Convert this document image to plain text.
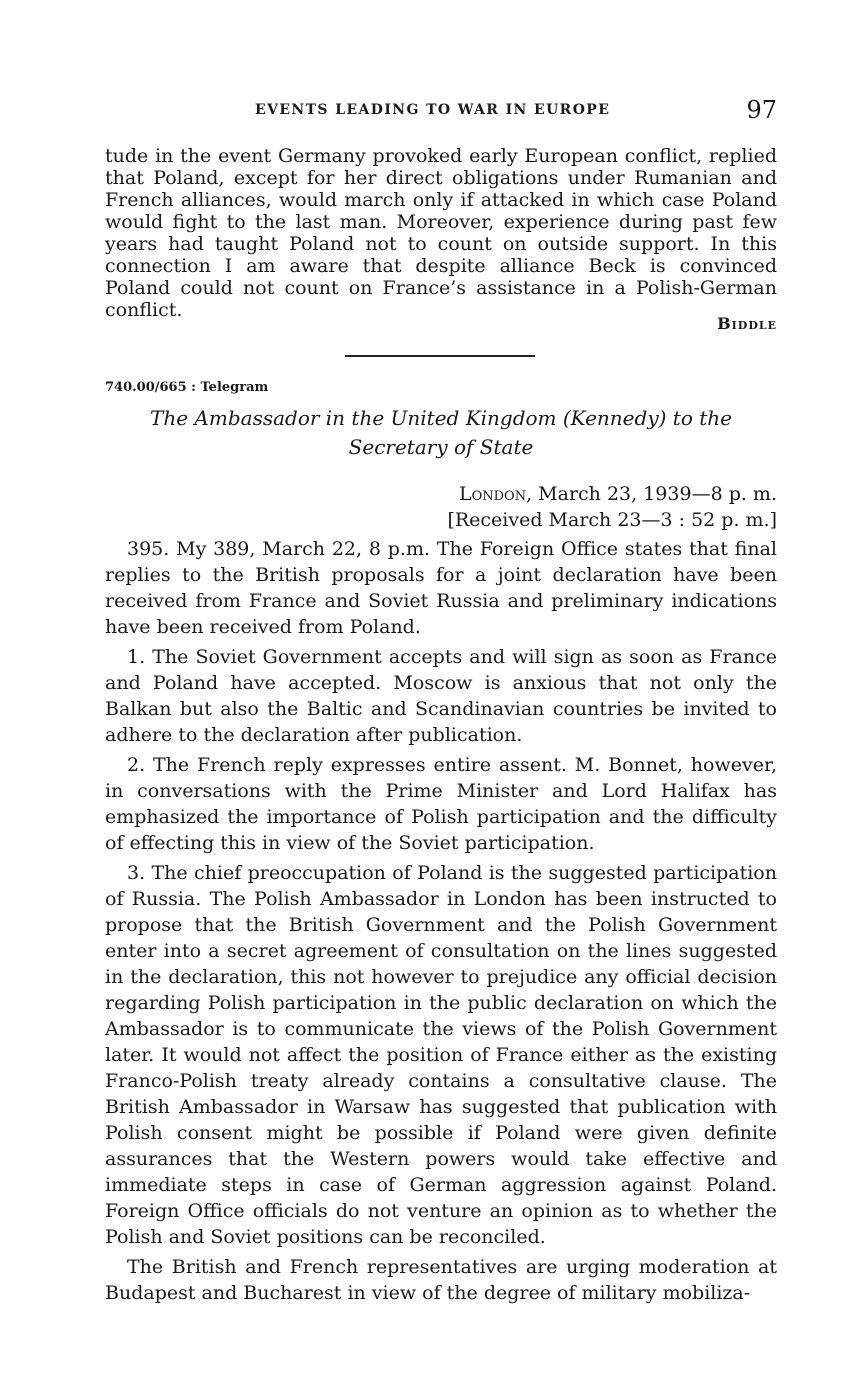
EVENTS LEADING TO WAR IN EUROPE	97

tude in the event Germany provoked early European conflict, replied that Poland, except for her direct obligations under Rumanian and French alliances, would march only if attacked in which case Poland would fight to the last man. Moreover, experience during past few years had taught Poland not to count on outside support. In this connection I am aware that despite alliance Beck is convinced Poland could not count on France’s assistance in a Polish-German conflict.

Biddle
740.00/665 : Telegram
The Ambassador in the United Kingdom (Kennedy) to the
Secretary of State
London, March 23, 1939—8 p. m.
[Received March 23—3 : 52 p. m.]

395. My 389, March 22, 8 p.m. The Foreign Office states that final replies to the British proposals for a joint declaration have been received from France and Soviet Russia and preliminary indications have been received from Poland.

1. The Soviet Government accepts and will sign as soon as France and Poland have accepted. Moscow is anxious that not only the Balkan but also the Baltic and Scandinavian countries be invited to adhere to the declaration after publication.

2. The French reply expresses entire assent. M. Bonnet, however, in conversations with the Prime Minister and Lord Halifax has emphasized the importance of Polish participation and the difficulty of effecting this in view of the Soviet participation.

3. The chief preoccupation of Poland is the suggested participation of Russia. The Polish Ambassador in London has been instructed to propose that the British Government and the Polish Government enter into a secret agreement of consultation on the lines suggested in the declaration, this not however to prejudice any official decision regarding Polish participation in the public declaration on which the Ambassador is to communicate the views of the Polish Government later. It would not affect the position of France either as the existing Franco-Polish treaty already contains a consultative clause. The British Ambassador in Warsaw has suggested that publication with Polish consent might be possible if Poland were given definite assurances that the Western powers would take effective and immediate steps in case of German aggression against Poland. Foreign Office officials do not venture an opinion as to whether the Polish and Soviet positions can be reconciled.

The British and French representatives are urging moderation at Budapest and Bucharest in view of the degree of military mobiliza-
